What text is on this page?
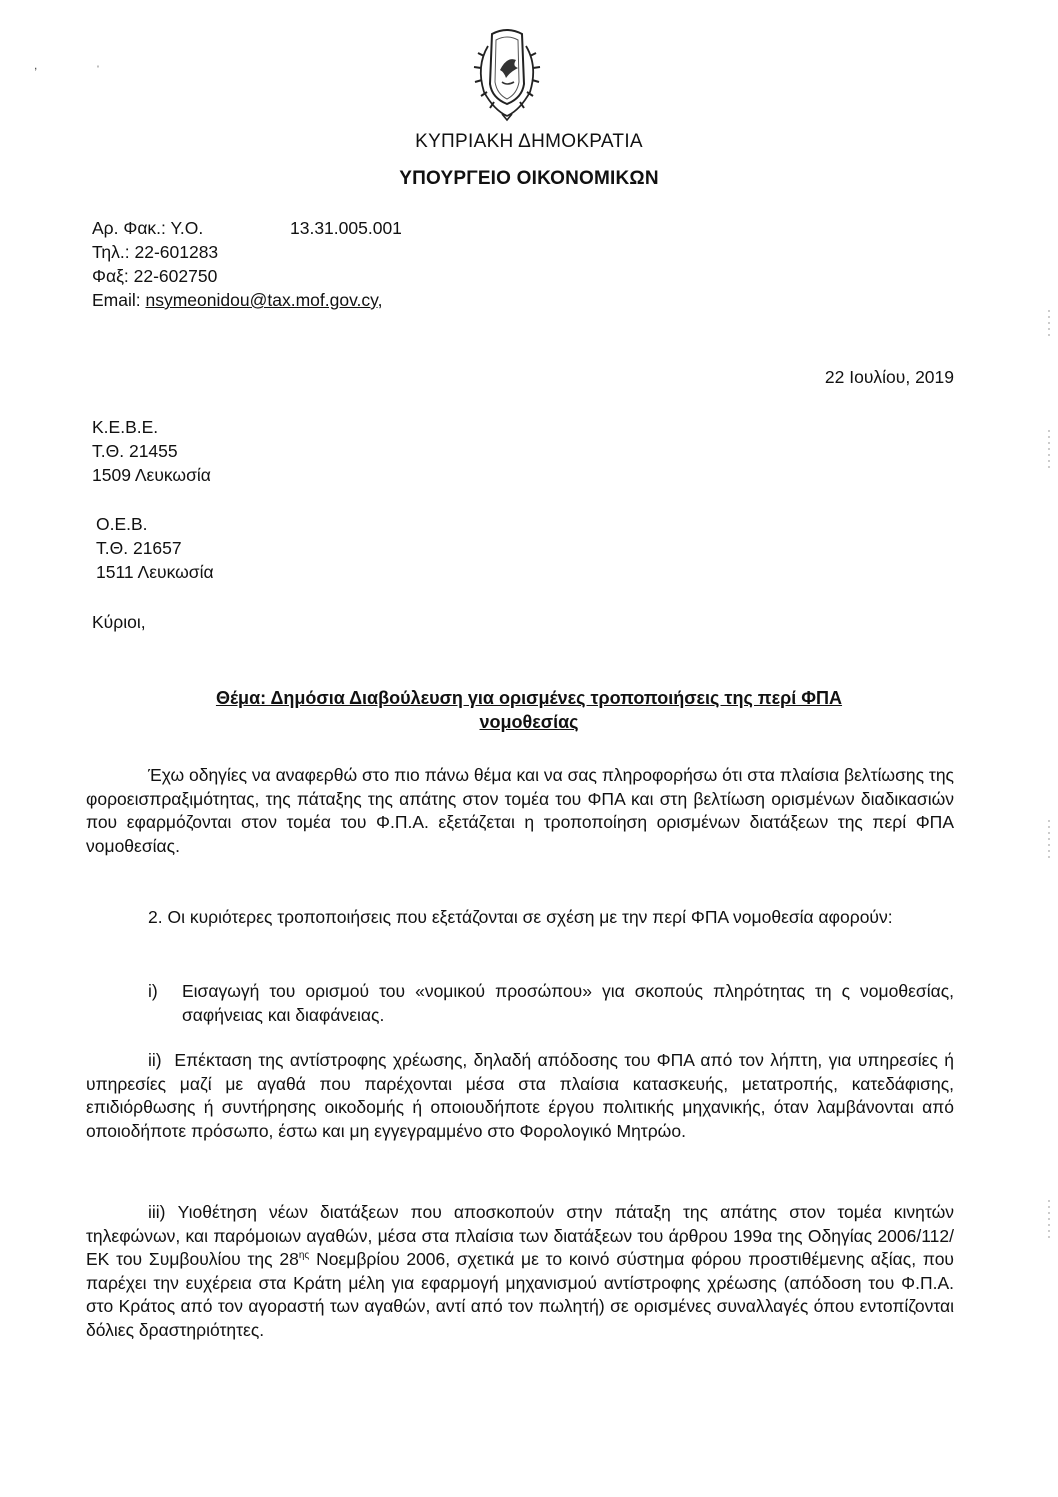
ΚΥΠΡΙΑΚΗ ΔΗΜΟΚΡΑΤΙΑ
ΥΠΟΥΡΓΕΙΟ ΟΙΚΟΝΟΜΙΚΩΝ
Αρ. Φακ.: Υ.Ο.	13.31.005.001
Τηλ.: 22-601283
Φαξ: 22-602750
Email: nsymeonidou@tax.mof.gov.cy,
22 Ιουλίου, 2019
Κ.Ε.Β.Ε.
Τ.Θ. 21455
1509 Λευκωσία
Ο.Ε.Β.
Τ.Θ. 21657
1511 Λευκωσία
Κύριοι,
Θέμα: Δημόσια Διαβούλευση για ορισμένες τροποποιήσεις της περί ΦΠΑ
νομοθεσίας
Έχω οδηγίες να αναφερθώ στο πιο πάνω θέμα και να σας πληροφορήσω ότι στα πλαίσια βελτίωσης της φοροεισπραξιμότητας, της πάταξης της απάτης στον τομέα του ΦΠΑ και στη βελτίωση ορισμένων διαδικασιών που εφαρμόζονται στον τομέα του Φ.Π.Α. εξετάζεται η τροποποίηση ορισμένων διατάξεων της περί ΦΠΑ νομοθεσίας.
2. Οι κυριότερες τροποποιήσεις που εξετάζονται σε σχέση με την περί ΦΠΑ νομοθεσία αφορούν:
i) Εισαγωγή του ορισμού του «νομικού προσώπου» για σκοπούς πληρότητας τη ς νομοθεσίας, σαφήνειας και διαφάνειας.
ii) Επέκταση της αντίστροφης χρέωσης, δηλαδή απόδοσης του ΦΠΑ από τον λήπτη, για υπηρεσίες ή υπηρεσίες μαζί με αγαθά που παρέχονται μέσα στα πλαίσια κατασκευής, μετατροπής, κατεδάφισης, επιδιόρθωσης ή συντήρησης οικοδομής ή οποιουδήποτε έργου πολιτικής μηχανικής, όταν λαμβάνονται από οποιοδήποτε πρόσωπο, έστω και μη εγγεγραμμένο στο Φορολογικό Μητρώο.
iii) Υιοθέτηση νέων διατάξεων που αποσκοπούν στην πάταξη της απάτης στον τομέα κινητών τηλεφώνων, και παρόμοιων αγαθών, μέσα στα πλαίσια των διατάξεων του άρθρου 199α της Οδηγίας 2006/112/ΕΚ του Συμβουλίου της $28^{\eta\varsigma}$ Νοεμβρίου 2006, σχετικά με το κοινό σύστημα φόρου προστιθέμενης αξίας, που παρέχει την ευχέρεια στα Κράτη μέλη για εφαρμογή μηχανισμού αντίστροφης χρέωσης (απόδοση του Φ.Π.Α. στο Κράτος από τον αγοραστή των αγαθών, αντί από τον πωλητή) σε ορισμένες συναλλαγές όπου εντοπίζονται δόλιες δραστηριότητες.
,	ˌ
